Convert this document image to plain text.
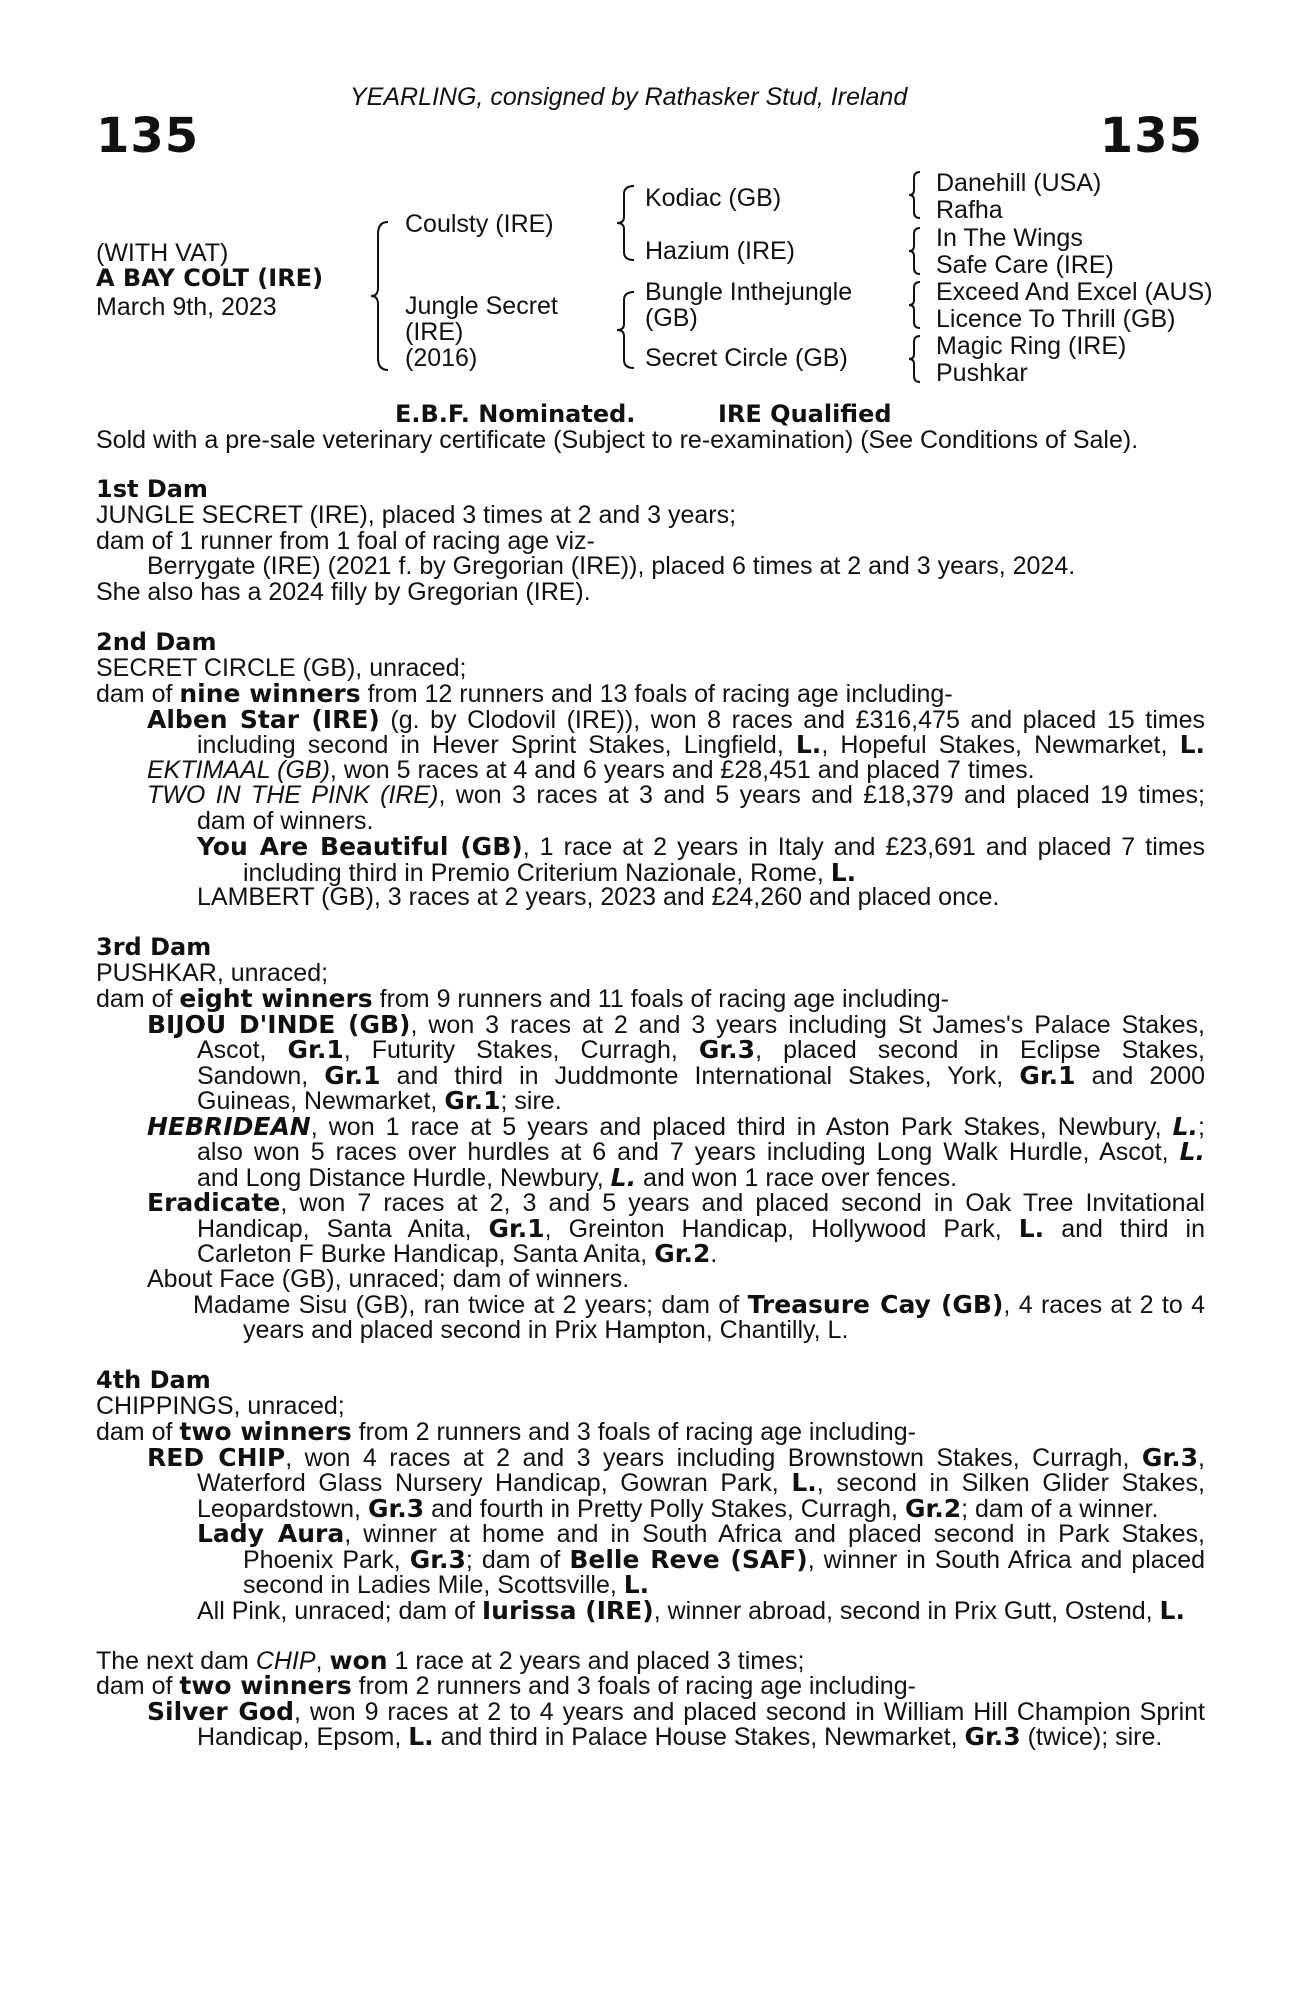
YEARLING, consigned by Rathasker Stud, Ireland
135	135
(WITH VAT)
A BAY COLT (IRE)
March 9th, 2023
Coulsty (IRE)
Jungle Secret
(IRE)
(2016)
Kodiac (GB)
Hazium (IRE)
Bungle Inthejungle
(GB)
Secret Circle (GB)
Danehill (USA)
Rafha
In The Wings
Safe Care (IRE)
Exceed And Excel (AUS)
Licence To Thrill (GB)
Magic Ring (IRE)
Pushkar
E.B.F. Nominated.	IRE Qualified
Sold with a pre-sale veterinary certificate (Subject to re-examination) (See Conditions of Sale).
1st Dam
JUNGLE SECRET (IRE), placed 3 times at 2 and 3 years;
dam of 1 runner from 1 foal of racing age viz-
Berrygate (IRE) (2021 f. by Gregorian (IRE)), placed 6 times at 2 and 3 years, 2024.
She also has a 2024 filly by Gregorian (IRE).
2nd Dam
SECRET CIRCLE (GB), unraced;
dam of nine winners from 12 runners and 13 foals of racing age including-
Alben Star (IRE) (g. by Clodovil (IRE)), won 8 races and £316,475 and placed 15 times
including second in Hever Sprint Stakes, Lingfield, L., Hopeful Stakes, Newmarket, L.
EKTIMAAL (GB), won 5 races at 4 and 6 years and £28,451 and placed 7 times.
TWO IN THE PINK (IRE), won 3 races at 3 and 5 years and £18,379 and placed 19 times;
dam of winners.
You Are Beautiful (GB), 1 race at 2 years in Italy and £23,691 and placed 7 times
including third in Premio Criterium Nazionale, Rome, L.
LAMBERT (GB), 3 races at 2 years, 2023 and £24,260 and placed once.
3rd Dam
PUSHKAR, unraced;
dam of eight winners from 9 runners and 11 foals of racing age including-
BIJOU D'INDE (GB), won 3 races at 2 and 3 years including St James's Palace Stakes,
Ascot, Gr.1, Futurity Stakes, Curragh, Gr.3, placed second in Eclipse Stakes,
Sandown, Gr.1 and third in Juddmonte International Stakes, York, Gr.1 and 2000
Guineas, Newmarket, Gr.1; sire.
HEBRIDEAN, won 1 race at 5 years and placed third in Aston Park Stakes, Newbury, L.;
also won 5 races over hurdles at 6 and 7 years including Long Walk Hurdle, Ascot, L.
and Long Distance Hurdle, Newbury, L. and won 1 race over fences.
Eradicate, won 7 races at 2, 3 and 5 years and placed second in Oak Tree Invitational
Handicap, Santa Anita, Gr.1, Greinton Handicap, Hollywood Park, L. and third in
Carleton F Burke Handicap, Santa Anita, Gr.2.
About Face (GB), unraced; dam of winners.
Madame Sisu (GB), ran twice at 2 years; dam of Treasure Cay (GB), 4 races at 2 to 4
years and placed second in Prix Hampton, Chantilly, L.
4th Dam
CHIPPINGS, unraced;
dam of two winners from 2 runners and 3 foals of racing age including-
RED CHIP, won 4 races at 2 and 3 years including Brownstown Stakes, Curragh, Gr.3,
Waterford Glass Nursery Handicap, Gowran Park, L., second in Silken Glider Stakes,
Leopardstown, Gr.3 and fourth in Pretty Polly Stakes, Curragh, Gr.2; dam of a winner.
Lady Aura, winner at home and in South Africa and placed second in Park Stakes,
Phoenix Park, Gr.3; dam of Belle Reve (SAF), winner in South Africa and placed
second in Ladies Mile, Scottsville, L.
All Pink, unraced; dam of Iurissa (IRE), winner abroad, second in Prix Gutt, Ostend, L.
The next dam CHIP, won 1 race at 2 years and placed 3 times;
dam of two winners from 2 runners and 3 foals of racing age including-
Silver God, won 9 races at 2 to 4 years and placed second in William Hill Champion Sprint
Handicap, Epsom, L. and third in Palace House Stakes, Newmarket, Gr.3 (twice); sire.
